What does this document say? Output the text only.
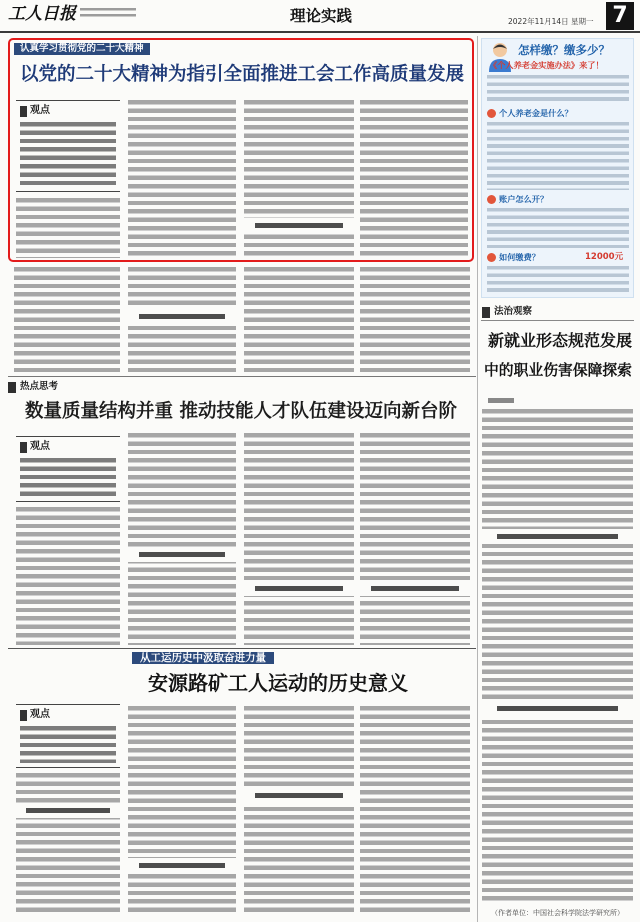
工人日报	理论实践	2022年11月14日 星期一 7
认真学习贯彻党的二十大精神
以党的二十大精神为指引全面推进工会工作高质量发展
观点
热点思考
数量质量结构并重 推动技能人才队伍建设迈向新台阶
观点
从工运历史中汲取奋进力量
安源路矿工人运动的历史意义
观点
怎样缴？缴多少？
《个人养老金实施办法》来了！
个人养老金是什么？
账户怎么开？
如何缴费？	12000元
法治观察
新就业形态规范发展
中的职业伤害保障探索
（作者单位：中国社会科学院法学研究所）
